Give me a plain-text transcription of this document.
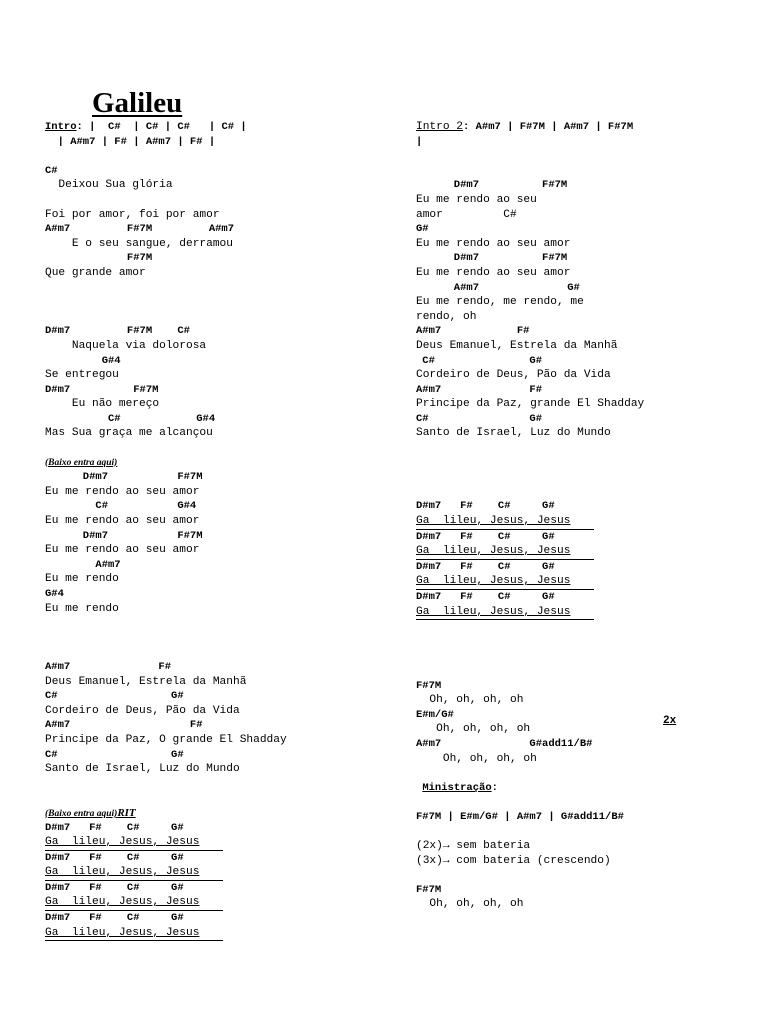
Galileu
Intro: |  C#  | C# | C#   | C# |
| A#m7 | F# | A#m7 | F# |
C#
Deixou Sua glória
Foi por amor, foi por amor
A#m7         F#7M         A#m7
E o seu sangue, derramou
F#7M
Que grande amor
D#m7         F#7M    C#
Naquela via dolorosa
G#4
Se entregou
D#m7          F#7M
Eu não mereço
C#            G#4
Mas Sua graça me alcançou
(Baixo entra aqui)
D#m7           F#7M
Eu me rendo ao seu amor
C#           G#4
Eu me rendo ao seu amor
D#m7           F#7M
Eu me rendo ao seu amor
A#m7
Eu me rendo
G#4
Eu me rendo
A#m7              F#
Deus Emanuel, Estrela da Manhã
C#                  G#
Cordeiro de Deus, Pão da Vida
A#m7                   F#
Principe da Paz, O grande El Shadday
C#                  G#
Santo de Israel, Luz do Mundo
(Baixo entra aqui)RIT
D#m7   F#    C#     G#
Ga  lileu, Jesus, Jesus
D#m7   F#    C#     G#
Ga  lileu, Jesus, Jesus
D#m7   F#    C#     G#
Ga  lileu, Jesus, Jesus
D#m7   F#    C#     G#
Ga  lileu, Jesus, Jesus
Intro 2: A#m7 | F#7M | A#m7 | F#7M
|
D#m7          F#7M
Eu me rendo ao seu
amor         C#
G#
Eu me rendo ao seu amor
D#m7          F#7M
Eu me rendo ao seu amor
A#m7              G#
Eu me rendo, me rendo, me
rendo, oh
A#m7            F#
Deus Emanuel, Estrela da Manhã
C#               G#
Cordeiro de Deus, Pão da Vida
A#m7              F#
Principe da Paz, grande El Shadday
C#                G#
Santo de Israel, Luz do Mundo
D#m7   F#    C#     G#
Ga  lileu, Jesus, Jesus
D#m7   F#    C#     G#
Ga  lileu, Jesus, Jesus
D#m7   F#    C#     G#
Ga  lileu, Jesus, Jesus
D#m7   F#    C#     G#
Ga  lileu, Jesus, Jesus
F#7M
Oh, oh, oh, oh
E#m/G#
Oh, oh, oh, oh
A#m7              G#add11/B#
Oh, oh, oh, oh
Ministração:
F#7M | E#m/G# | A#m7 | G#add11/B#
(2x)→ sem bateria
(3x)→ com bateria (crescendo)
F#7M
Oh, oh, oh, oh
2x
